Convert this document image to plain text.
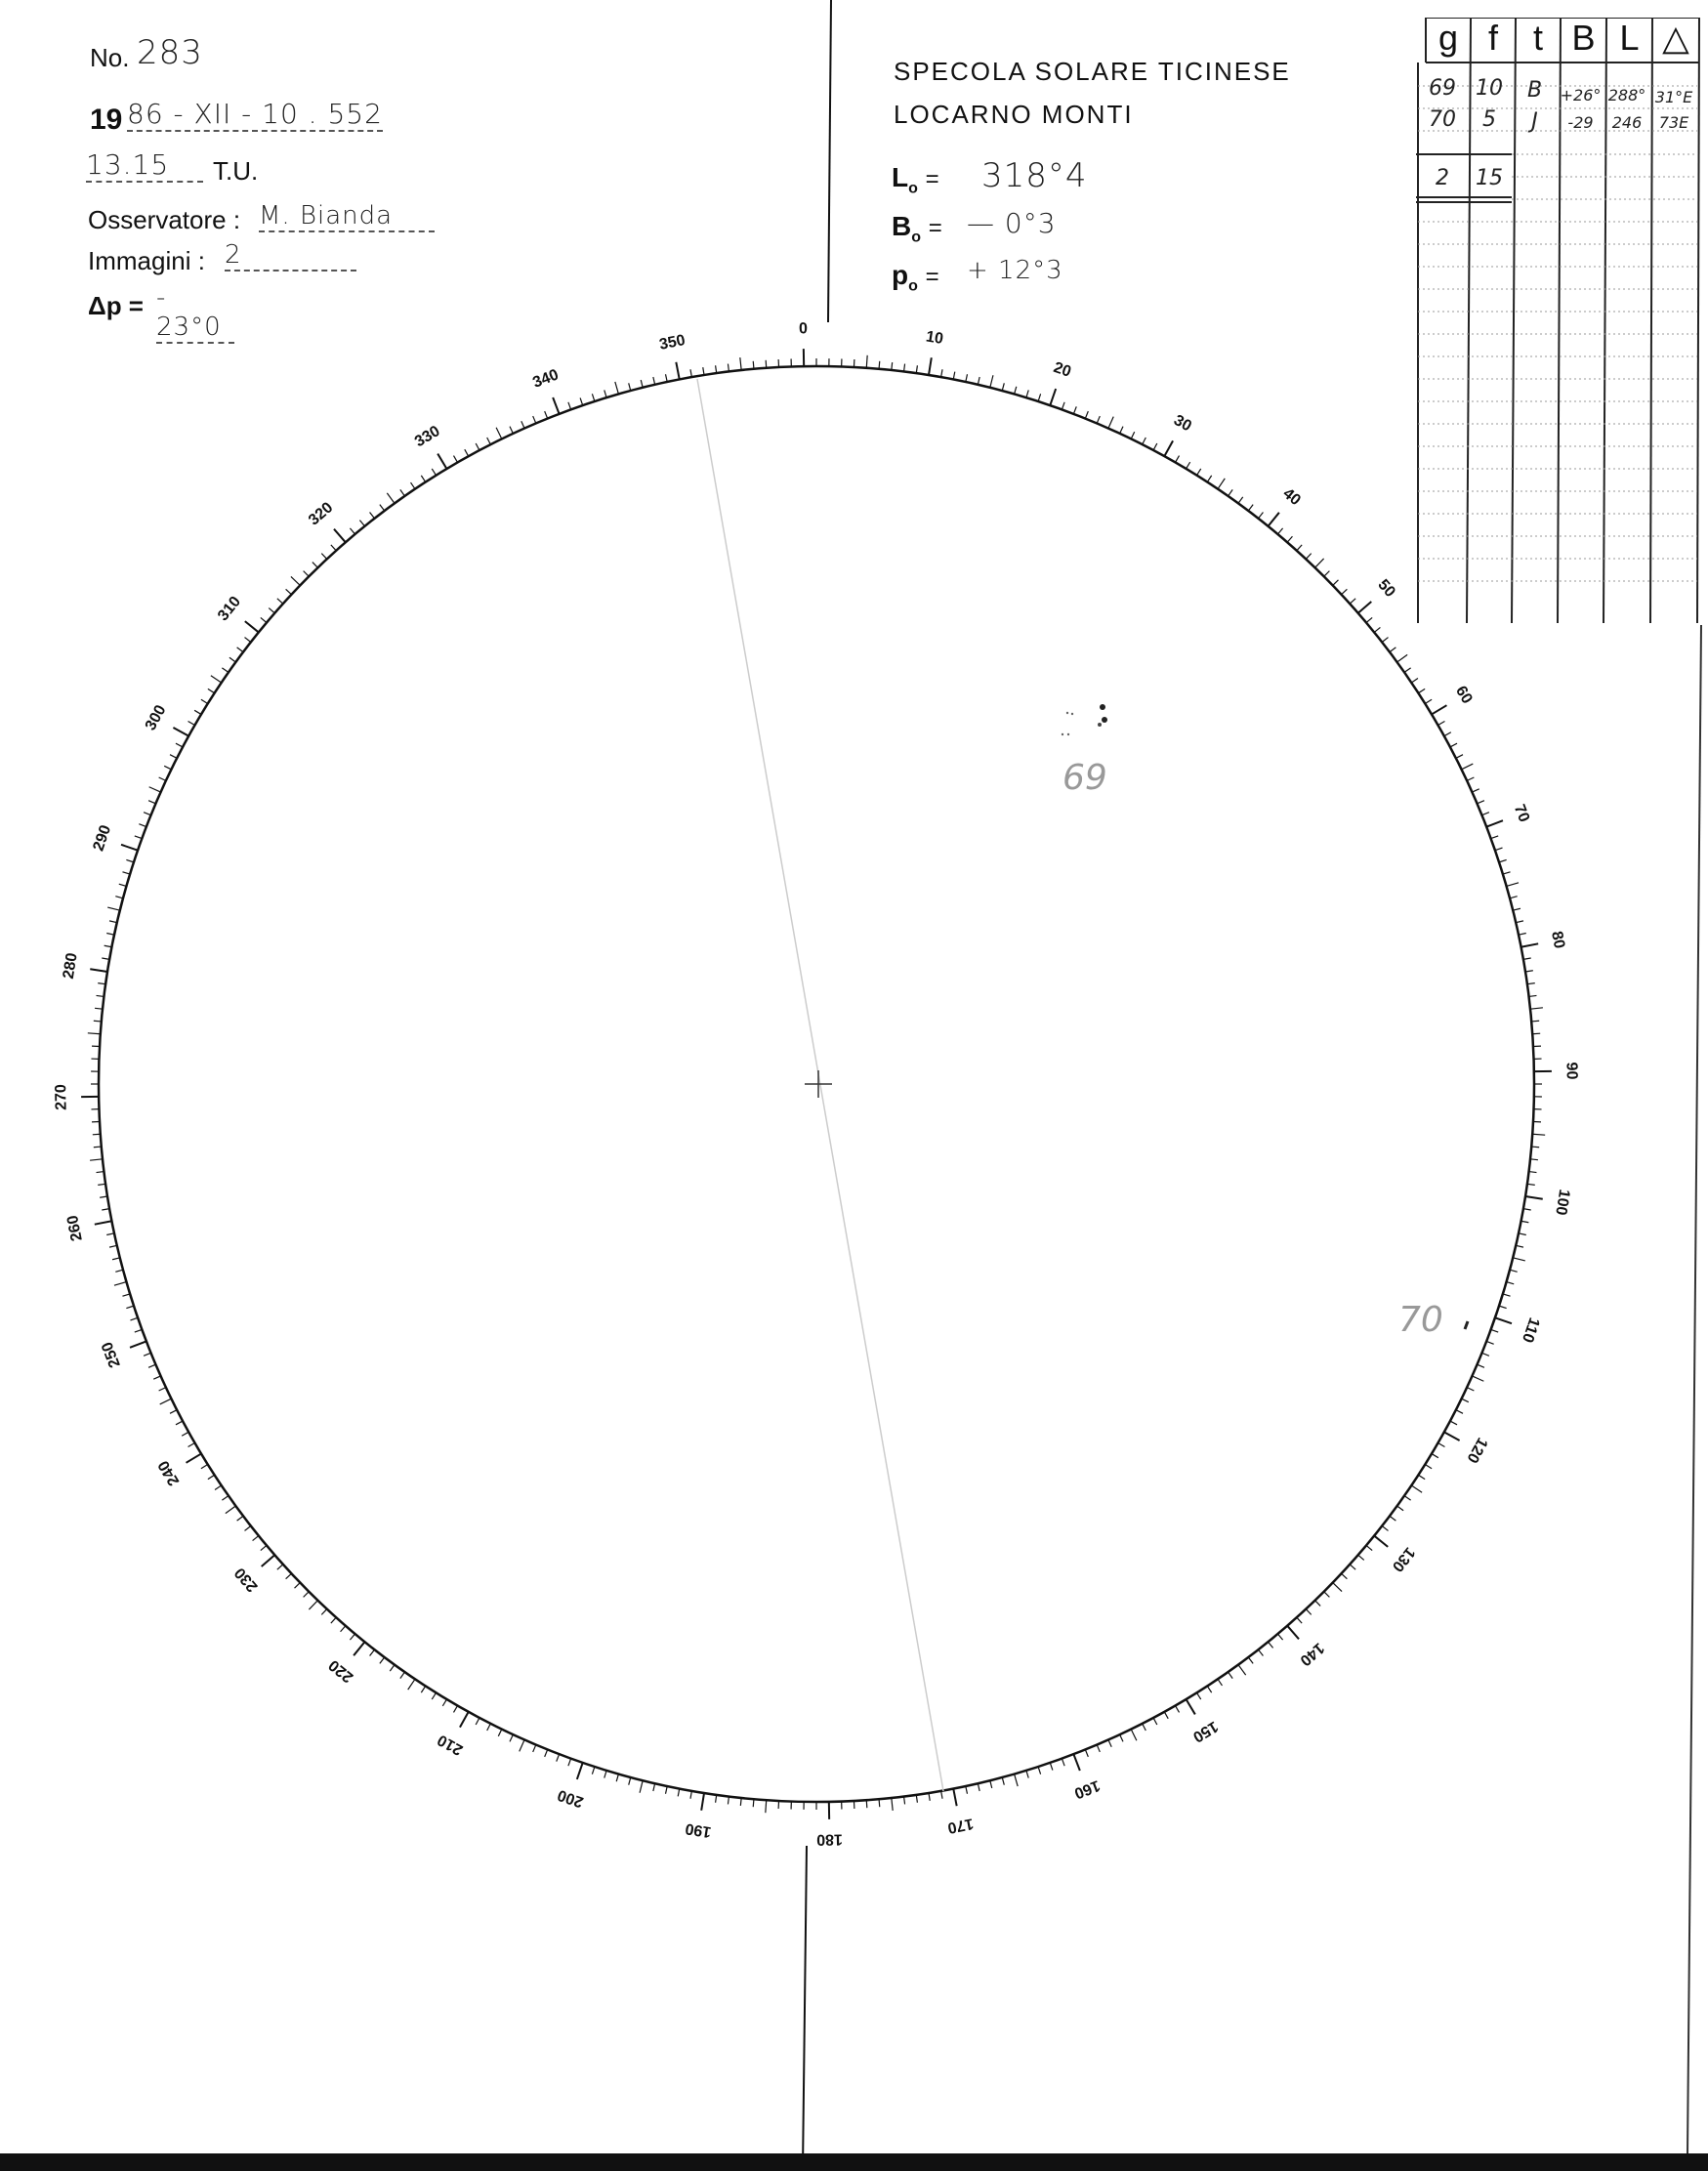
No. 283
19 86 - XII - 10 . 552
13.15	T.U.
Osservatore : M. Bianda
Immagini : 2
Δp = - 23°0
SPECOLA SOLARE TICINESE
LOCARNO MONTI
$L_o = 318^\circ 4$
$B_o$ = — 0°3
$p_o$ = + 12°3
g f t B L △
69 10	B	+26° 288° 31°E
70	5	J	-29	246	73E
2	15
0	10
20
30
40
50
60
70
80
90
100
110
120
130
140
150
160
170
180
190
200
210
220
230
240
250
260
270
280
290
300
310
320
330
340
350
69
70
